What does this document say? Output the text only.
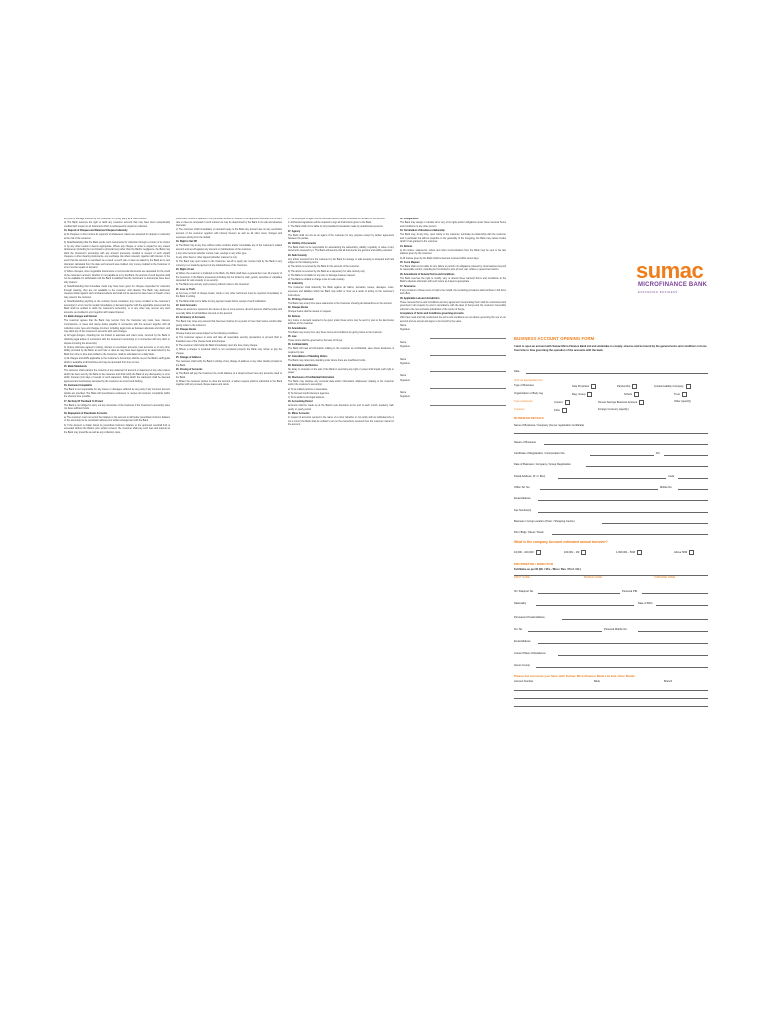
any loss or damage suffered by the Customer or by any party as a result thereof.

d) The Bank reserves the right to debit any customer account that may have been exceptionally credited with respect to an instrument which is subsequently unpaid on collection.

13. Deposit of Cheques and Returned Cheques Indemnity

a) All cheques or other orders for payment of whatsoever nature are accepted for deposit or collection at the risk of the customer.

b) Notwithstanding that the Bank sends such instruments for collection through a courier of its choice or by any other means it deems appropriate. Where any cheque or order is unpaid for any reason whatsoever (including but not limited to physical loss) other than the Bank's negligence, the Bank may debit the Customer's account(s) with any amount previously credited in respect of such unpaid cheques or other clearing instruments, any exchange risk where relevant, together with interest, in the event that the account is overdrawn as a result, at such rate or rates as stated by the Bank at its sole discretion calculated from the date such amount was credited. Any money credited to the Customer in error must be repaid on demand.

c) Where cheques, other negotiable instruments or commercial documents are deposited for the credit of the customer's account, whether or not payable at or by the Bank, the amount of such deposits shall not be available for withdrawal until the Bank is satisfied that the instrument or documents have been duly cleared.

d) Notwithstanding that immediate credit may have been given for cheques deposited for collection through clearing, they are not available to the customer until cleared. The Bank may dishonour cheques drawn against such uncleared effects and shall not be deemed to have been in breach of any duty owed to the customer.

e) Notwithstanding anything to the contrary herein contained, any money credited to the customer's account(s) in error must be repaid immediately on demand together with the applicable interest and the Bank shall be entitled to debit the customer's account(s), or in any other way recover any such amounts, as credited in error together with related interest.

14. Bank charges and Interest

The customer agrees that the Bank may recover from the Customer any costs, fees, interest, commissions, or taxes and stamp duties payable in connection with the account together with all collection costs, fees and charges incurred, including legal costs as between advocate and client, and may debit any of the Customer's accounts with such charges.

a) All legal charges, including but not limited to advocate and client costs, incurred by the Bank in obtaining legal advice in connection with the Customer's account(s) or in connection with any claim or dispute involving the account(s).

b) Unless otherwise agreed in writing, interest on overdrawn accounts, loan accounts or on any other facility provided by the Bank, at such rate or rates as may have been agreed or as determined by the Bank from time to time and notified to the Customer, shall be calculated on a daily basis.

c) All charges and tariffs applicable to the Customer's Account(s) shall be as per the Bank's tariff guide which is available at all branches and may be amended from time to time.

15. Bank Statements

The customer shall examine the contents of any statement of account or statement of any other nature which has been sent by the Bank to the customer and shall notify the Bank of any discrepancy or error within fourteen (14) days of receipt of such statement, failing which the statement shall be deemed approved and conclusively accepted by the customer as correct and binding.

16. Customer Complaints

The Bank is not responsible for any losses or damages suffered by any party if any incorrect account details are provided. The Bank will nevertheless endeavour to resolve all customer complaints within the shortest time possible.

17. No Duty Of The Bank To Protect

The Bank is not obliged to carry out any instruction of the Customer if the Customer's account(s) does not have sufficient funds.

18. Repayment of Overdrawn Accounts

a) The customer must not permit the balance in the account to fall below prescribed minimum balance or the account(s) to be overdrawn without prior written arrangement with the Bank.

b) If the Account is drawn below its prescribed minimum balance or the approved overdraft limit is exceeded without the Bank's prior written consent, the customer shall pay such fees and interest as the Bank may prescribe as well as any collection costs.

prescribed minimum balance or the particular amount in excess of the approved overdraft limit at such rate or rates as computed in such manner as may be determined by the Bank in its sole and absolute discretion.

c) The customer shall immediately on demand repay to the Bank any amount due on any overdrawn account of the customer together with interest thereon as well as all other costs, charges and expenses arising from the default.

19. Right to Set Off

a) The Bank may at any time without notice combine and/or consolidate any of the customer's related account and set-off against any account or indebtedness of the customer.

i) any other account whether current, loan, savings or any other type.

ii) any other fixed or other deposit (whether matured or not).

b) The Bank may upon notice to the Customer, set-off or apply any monies held by the Bank in any currency in or towards payment of any indebtedness of the Customer.

20. Right of Lien

a) Where the customer is indebted to the Bank, the Bank shall have a general lien over all property of the Customer in the Bank's possession including but not limited to cash, goods, securities or valuables deposited for safe custody or as security.

b) The Bank may sell any such property without notice to the Customer.

21. Loss or Theft

a) Any loss or theft of cheque books, cards or any other instrument must be reported immediately to the Bank in writing.

b) The Bank shall not be liable for any payment made before receipt of such notification.

22. Joint Accounts

Where an account is opened in the names of two or more persons, all such persons shall be jointly and severally liable for all liabilities incurred on the account.

23. Dormancy of Accounts

The Bank may close any account that has been inactive for a period of more than twelve months after giving notice to the customer.

24. Cheque Books

Cheque books are issued subject to the following conditions:

a) The Customer agrees to store and take all reasonable security precautions to prevent theft or fraudulent use of the cheque book and cheques.

b) The customer shall notify the Bank immediately upon the loss of any cheque.

c) Where a cheque is tendered which is not completed properly the Bank may refuse to pay the cheque.

25. Change of Address

The customer shall notify the Bank in writing of any change of address or any other details provided to the Bank.

26. Closing of Accounts

a) The Bank will pay the Customer the credit balance of a closed account less any amounts owed to the Bank.

b) Where the customer wishes to close the account, a written request shall be submitted to the Bank together with any unused cheque leaves and cards.

1. The employee or agent will be identified before he/she is allowed to transact on the account.

2. Authorised signatories will be required to sign all instructions given to the Bank.

3. The Bank shall not be liable for any fraudulent transaction made by unauthorised persons.

27. Agency

The Bank shall not act as an agent of the customer for any purpose except by written agreement between the parties.

28. Validity of Documents

The Bank shall not be responsible for ascertaining the authenticity, validity, regularity or value of any documents received by it. The Bank will assume that all documents are genuine and validly executed.

29. Safe Custody

Any article received from the customer by the Bank for storage or safe keeping is accepted and held subject to the following terms:

a) The article is received by the Bank for the account of the customer.

b) The article is received by the Bank as a depository for safe custody only.

c) The Bank is not liable for any loss or damage however caused.

d) The Bank is entitled to charge a fee for safe custody.

30. Indemnity

The Customer shall indemnify the Bank against all claims, demands, losses, damages, costs, expenses and liabilities which the Bank may suffer or incur as a result of acting on the customer's instructions.

31. Printing of Account

The Bank may at any time issue statements to the Customer showing all transactions on the account.

32. Cheque Books

Cheque books shall be issued on request.

33. Notices

Any notice or demand required to be given under these terms may be sent by post to the last known address of the customer.

34. Amendments

The Bank may at any time vary these terms and conditions by giving notice to the customer.

35. Law

These terms shall be governed by the laws of Kenya.

36. Confidentiality

The Bank will treat all information relating to the customer as confidential, save where disclosure is required by law.

37. Cancellation of Standing Orders

The Bank may cancel any standing order where there are insufficient funds.

38. Reminders and Notices

No delay or omission on the part of the Bank in exercising any right or power shall impair such right or power.

39. Disclosure of Confidential Information

The Bank may disclose any personal data and/or information whatsoever relating to the customer and/or the customer's account(s):

a) To its related persons or associates.

b) To licensed credit reference agencies.

c) To its auditors and legal advisors.

40. Accounting Period

Accounts shall be made up at the Bank's sole discretion at the end of each month, quarterly, half-yearly or yearly period.

41. Minor Accounts

In respect of accounts opened in the name of a minor (whether or not jointly with an individual who is not a minor) the Bank shall be entitled to act on the instructions received from the customer named in the account.

42. Assignments

The Bank may assign or transfer all or any of its rights and/or obligations under these General Terms and Conditions to any other person.

43. Termination of Business relationship

The Bank may, at any time, upon notice to the customer, terminate its relationship with the customer and in particular but without prejudice to the generality of the foregoing, the Bank may cancel credits which it has granted to the customer.

44. Notices

a) All notices, statements, orders and other communication from the Bank may be sent to the last address given by the customer.

b) All notices given by the Bank shall be deemed received within seven days.

45. Force Majeure

The Bank shall not be liable for any failure to perform its obligations caused by circumstances beyond its reasonable control, including but not limited to acts of God, war, strikes or government action.

46. Amendment of General Terms and Conditions

The Bank reserves the right to modify, vary or amend these General Terms and Conditions at the Bank's absolute discretion with such notice as it deems appropriate.

47. Severance

If any provision of these terms is held to be invalid, the remaining provisions shall continue in full force and effect.

48. Applicable Law and Jurisdiction

These General Terms and Conditions and any agreement incorporating them shall be constructed and governed in all respects by and in accordance with the laws of Kenya and the customer irrevocably submits to the non-exclusive jurisdiction of the courts of Kenya.

Acceptance of Terms and Conditions governing accounts

I/We have read and fully understood the terms and conditions set out above governing the use of our account and we accept and agree to be bound by the same.

Name

Signature

Name

Signature

Name

Signature

Name

Signature

Name

Signature

sumac
MICROFINANCE BANK
EXPANDING BUSINESS
BUSINESS ACCOUNT OPENING FORM
I wish to open an account with Sumac Micro-Finance Bank Ltd and undertake to comply, observe and be bound by the general terms and conditions in force from time to time governing the operation of the accounts with the bank.
Date
(Tick as appropriate box)
Type of Business	Sole Proprietor	Partnership	Limited Liability Company
Organization or Body reg	Reg. Group	School	Trust
Type of Account	Current	Sumac Savings Business Account	Other (specify)
Currency	Kshs	Foreign Currency (specify)
BUSINESS DETAILS
Name of Business / Company (As per registration Certificate)
Nature of Business
Certificate of Registration / Incorporation No.	Pin
Date of Business / Company / Group Registration
Postal Address: (P. O. Box)	Code
Office Tel. No.	Mobile No.
Email Address
Fax Number(s)
Business / Group Location (Town / Shopping Centre)
Plot / Bldg / Street / Road
What is the company Account estimated annual turnover?
10,000 - 100,000	100,001 - 1M	1,000,001 - 50M	Above 50M
PROPRIETOR / DIRECTOR
Full Name as per ID (Mr. / Mrs. / Miss / Rev. / Prof. / Dr.)
FIRST NAME	MIDDLE NAME	SURNAME NAME
ID / Passport No.	Personal PIN
Nationality	Date of Birth
Permanent Postal Address
Tel. No.	Personal Mobile No.
Email Address
Current Place of Residence
Home County
Please list accounts you have with Sumac Microfinance Bank Ltd and other Banks
Account Number	Bank	Branch
